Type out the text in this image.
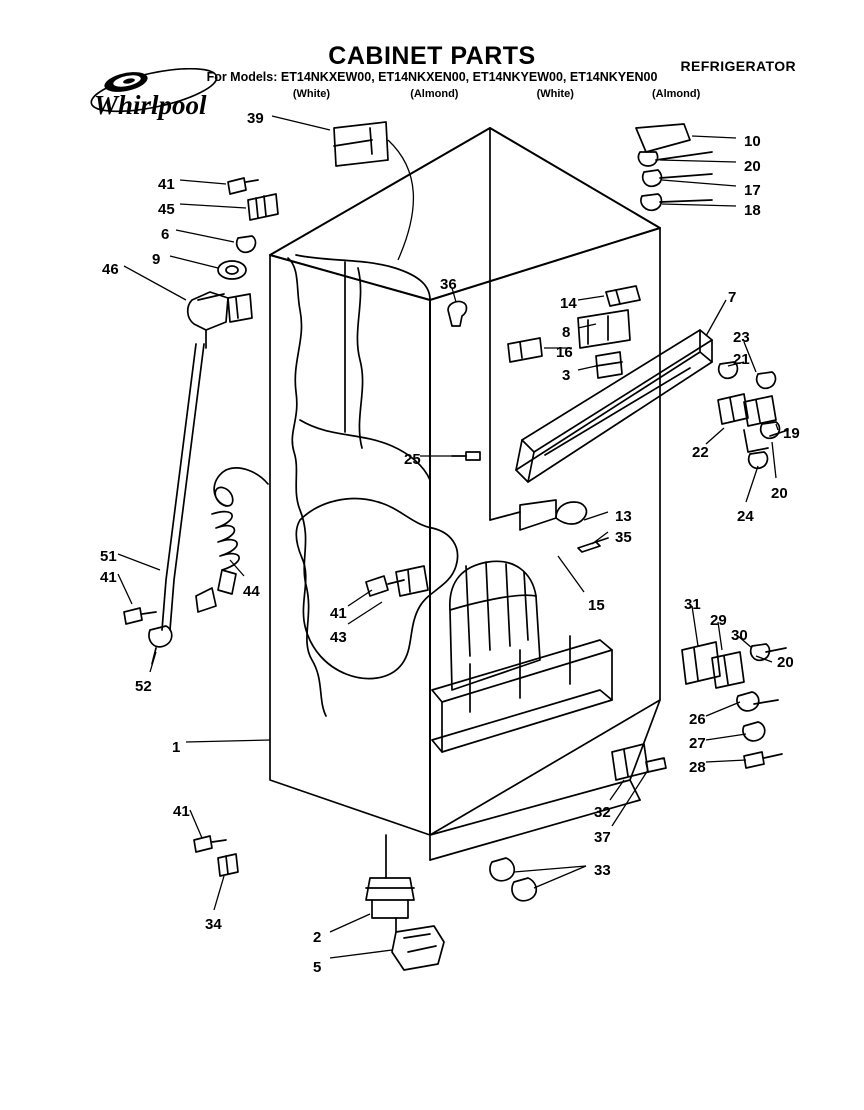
CABINET PARTS	REFRIGERATOR
For Models: ET14NKXEW00, ET14NKXEN00, ET14NKYEW00, ET14NKYEN00
(White)	(Almond)	(White)	(Almond)
Whirlpool	39
41
45
6
9
46
10
20
17
18
36
14	7
23
21
8
16
3
19
22
24
20
25
13
35
15
51
41
44
52
41
43
31
29
30
20
26
27
28
1
32
37
33
41
34
2
5
